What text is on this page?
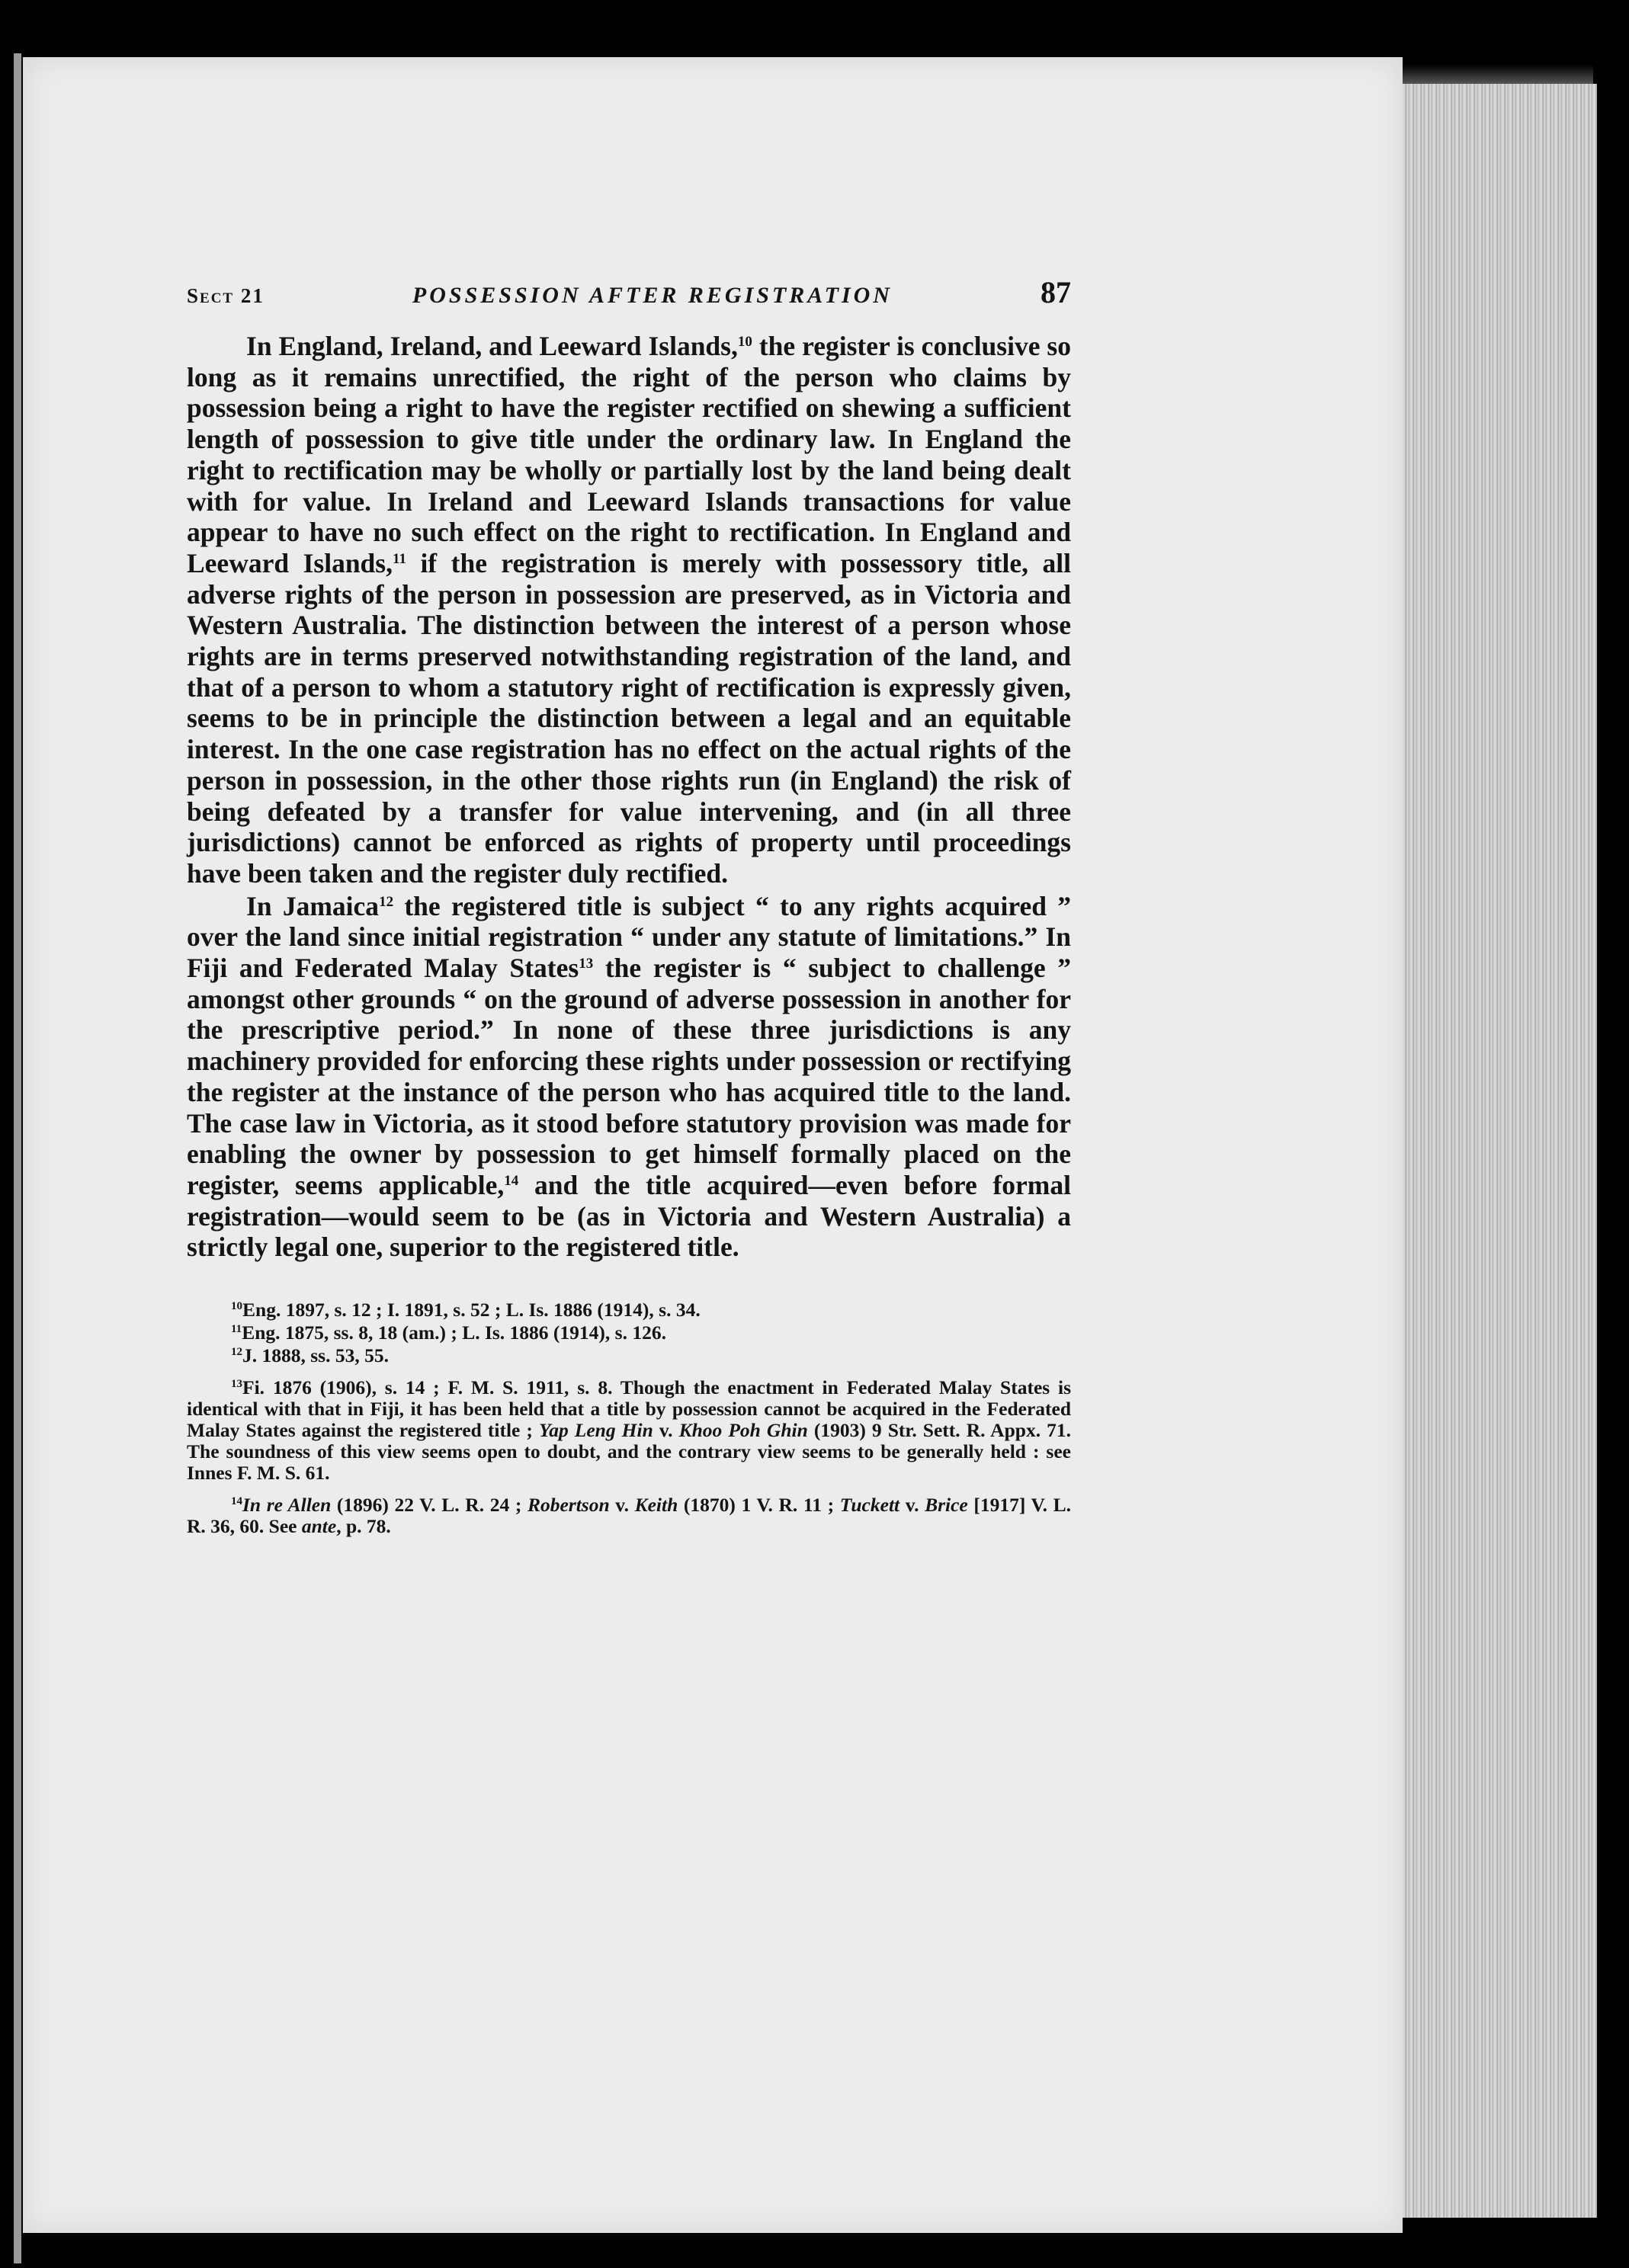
Sect 21	POSSESSION AFTER REGISTRATION	87

In England, Ireland, and Leeward Islands,$^{10}$ the register is conclusive so long as it remains unrectified, the right of the person who claims by possession being a right to have the register rectified on shewing a sufficient length of possession to give title under the ordinary law. In England the right to rectification may be wholly or partially lost by the land being dealt with for value. In Ireland and Leeward Islands transactions for value appear to have no such effect on the right to rectification. In England and Leeward Islands,$^{11}$ if the registration is merely with possessory title, all adverse rights of the person in possession are preserved, as in Victoria and Western Australia. The distinction between the interest of a person whose rights are in terms preserved notwithstanding registration of the land, and that of a person to whom a statutory right of rectification is expressly given, seems to be in principle the distinction between a legal and an equitable interest. In the one case registration has no effect on the actual rights of the person in possession, in the other those rights run (in England) the risk of being defeated by a transfer for value intervening, and (in all three jurisdictions) cannot be enforced as rights of property until proceedings have been taken and the register duly rectified.

In Jamaica$^{12}$ the registered title is subject “ to any rights acquired ” over the land since initial registration “ under any statute of limitations.” In Fiji and Federated Malay States$^{13}$ the register is “ subject to challenge ” amongst other grounds “ on the ground of adverse possession in another for the prescriptive period.” In none of these three jurisdictions is any machinery provided for enforcing these rights under possession or rectifying the register at the instance of the person who has acquired title to the land. The case law in Victoria, as it stood before statutory provision was made for enabling the owner by possession to get himself formally placed on the register, seems applicable,$^{14}$ and the title acquired—even before formal registration—would seem to be (as in Victoria and Western Australia) a strictly legal one, superior to the registered title.

$^{10}$Eng. 1897, s. 12 ; I. 1891, s. 52 ; L. Is. 1886 (1914), s. 34.

$^{11}$Eng. 1875, ss. 8, 18 (am.) ; L. Is. 1886 (1914), s. 126.

$^{12}$J. 1888, ss. 53, 55.

$^{13}$Fi. 1876 (1906), s. 14 ; F. M. S. 1911, s. 8. Though the enactment in Federated Malay States is identical with that in Fiji, it has been held that a title by possession cannot be acquired in the Federated Malay States against the registered title ; Yap Leng Hin v. Khoo Poh Ghin (1903) 9 Str. Sett. R. Appx. 71. The soundness of this view seems open to doubt, and the contrary view seems to be generally held : see Innes F. M. S. 61.

$^{14}$In re Allen (1896) 22 V. L. R. 24 ; Robertson v. Keith (1870) 1 V. R. 11 ; Tuckett v. Brice [1917] V. L. R. 36, 60. See ante, p. 78.
